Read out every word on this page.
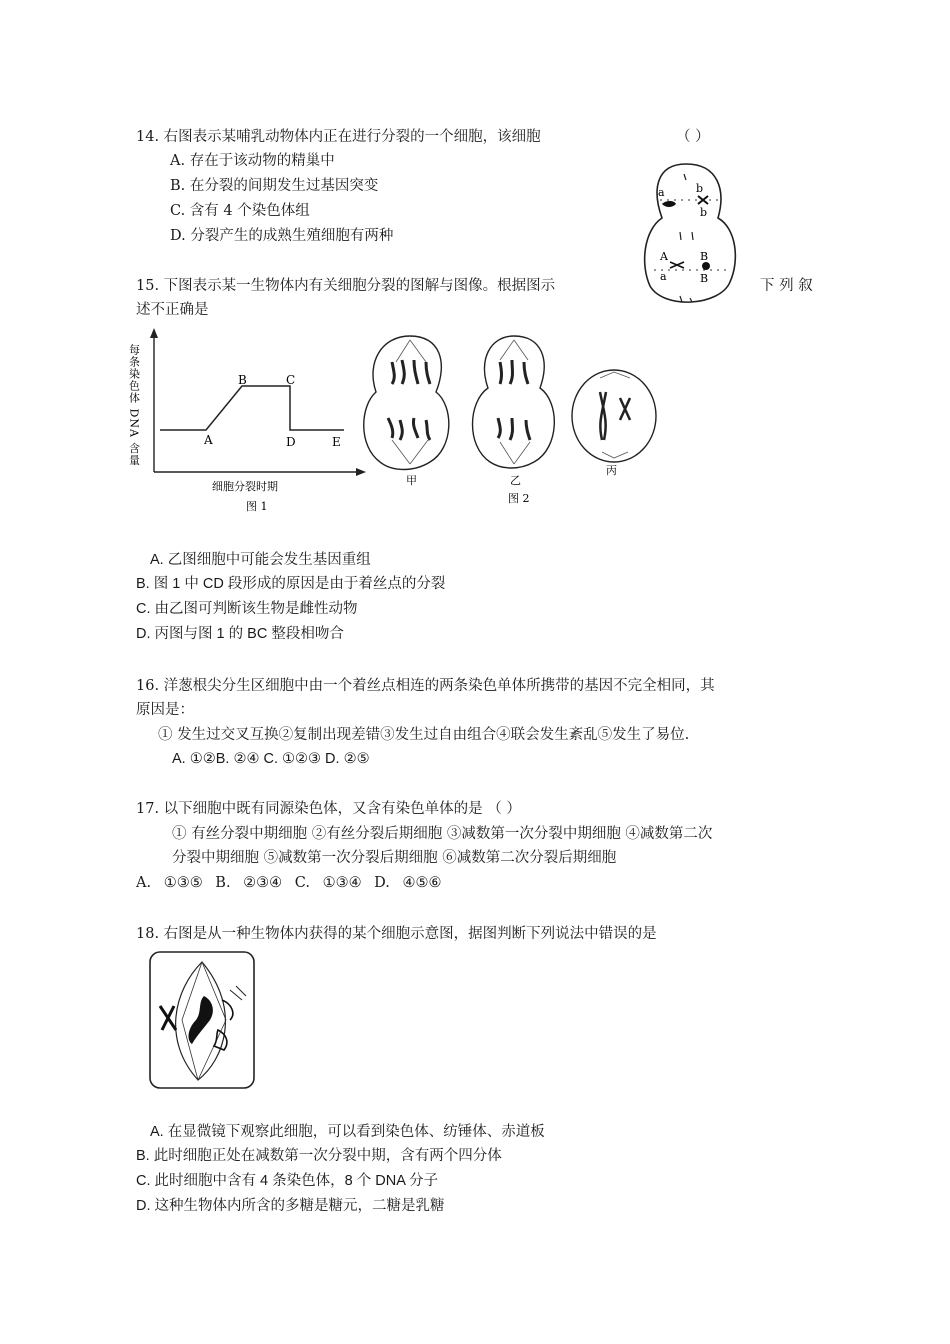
14. 右图表示某哺乳动物体内正在进行分裂的一个细胞，该细胞	（ ）
A. 存在于该动物的精巢中
B. 在分裂的间期发生过基因突变
C. 含有 4 个染色体组
D. 分裂产生的成熟生殖细胞有两种
a	b
b
A	B
a	B
15. 下图表示某一生物体内有关细胞分裂的图解与图像。根据图示	下 列 叙
述不正确是
每条染色体 DNA 含量	A
B	C
D	E
细胞分裂时期
图 1
甲	乙
图 2
丙
A. 乙图细胞中可能会发生基因重组
B. 图 1 中 CD 段形成的原因是由于着丝点的分裂
C. 由乙图可判断该生物是雌性动物
D. 丙图与图 1 的 BC 整段相吻合
16. 洋葱根尖分生区细胞中由一个着丝点相连的两条染色单体所携带的基因不完全相同，其
原因是：
① 发生过交叉互换②复制出现差错③发生过自由组合④联会发生紊乱⑤发生了易位.
A. ①②B. ②④ C. ①②③ D. ②⑤
17. 以下细胞中既有同源染色体，又含有染色单体的是 （ ）
① 有丝分裂中期细胞 ②有丝分裂后期细胞 ③减数第一次分裂中期细胞 ④减数第二次
分裂中期细胞 ⑤减数第一次分裂后期细胞 ⑥减数第二次分裂后期细胞
A. ①③⑤ B. ②③④ C. ①③④ D. ④⑤⑥
18. 右图是从一种生物体内获得的某个细胞示意图，据图判断下列说法中错误的是
A. 在显微镜下观察此细胞，可以看到染色体、纺锤体、赤道板
B. 此时细胞正处在减数第一次分裂中期，含有两个四分体
C. 此时细胞中含有 4 条染色体，8 个 DNA 分子
D. 这种生物体内所含的多糖是糖元，二糖是乳糖
